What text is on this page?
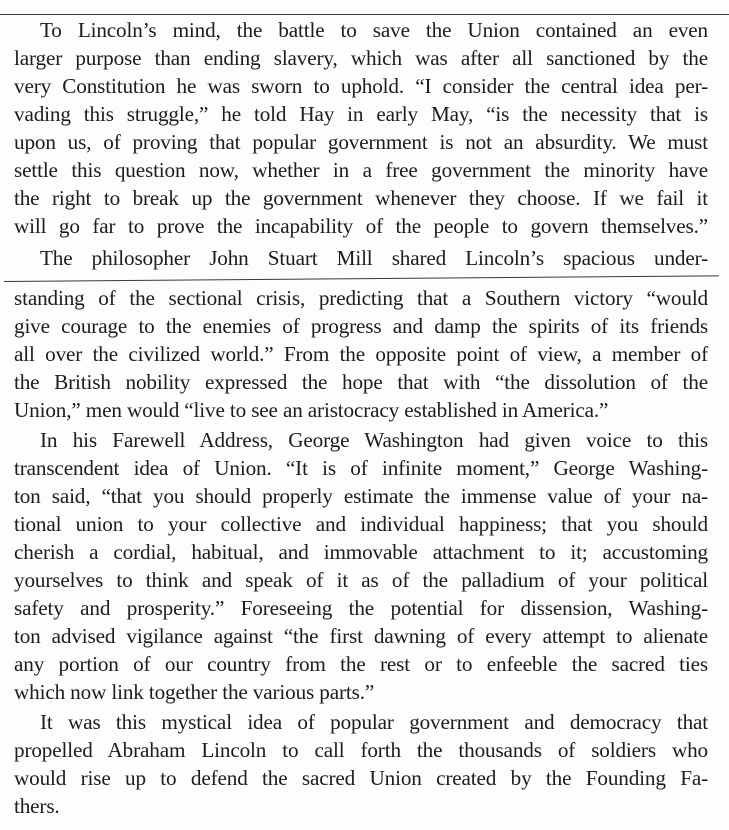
To Lincoln’s mind, the battle to save the Union contained an even
larger purpose than ending slavery, which was after all sanctioned by the
very Constitution he was sworn to uphold. “I consider the central idea per-
vading this struggle,” he told Hay in early May, “is the necessity that is
upon us, of proving that popular government is not an absurdity. We must
settle this question now, whether in a free government the minority have
the right to break up the government whenever they choose. If we fail it
will go far to prove the incapability of the people to govern themselves.”
The philosopher John Stuart Mill shared Lincoln’s spacious under-
standing of the sectional crisis, predicting that a Southern victory “would
give courage to the enemies of progress and damp the spirits of its friends
all over the civilized world.” From the opposite point of view, a member of
the British nobility expressed the hope that with “the dissolution of the
Union,” men would “live to see an aristocracy established in America.”
In his Farewell Address, George Washington had given voice to this
transcendent idea of Union. “It is of infinite moment,” George Washing-
ton said, “that you should properly estimate the immense value of your na-
tional union to your collective and individual happiness; that you should
cherish a cordial, habitual, and immovable attachment to it; accustoming
yourselves to think and speak of it as of the palladium of your political
safety and prosperity.” Foreseeing the potential for dissension, Washing-
ton advised vigilance against “the first dawning of every attempt to alienate
any portion of our country from the rest or to enfeeble the sacred ties
which now link together the various parts.”
It was this mystical idea of popular government and democracy that
propelled Abraham Lincoln to call forth the thousands of soldiers who
would rise up to defend the sacred Union created by the Founding Fa-
thers.
